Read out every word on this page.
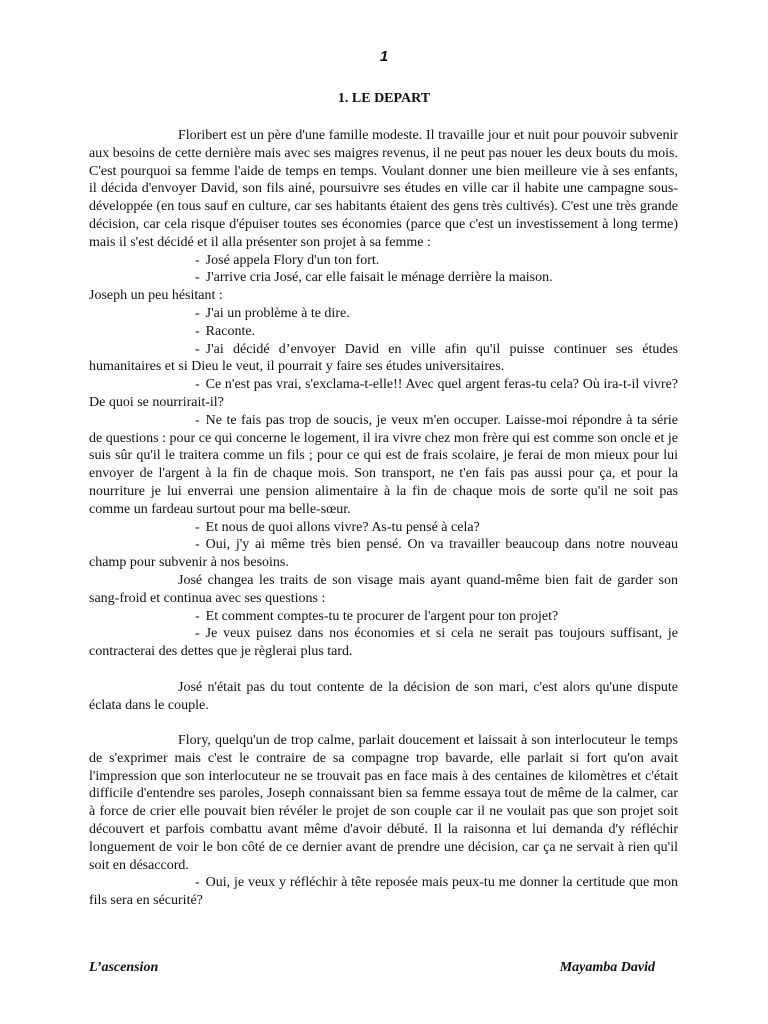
1
1. LE DEPART

Floribert est un père d'une famille modeste. Il travaille jour et nuit pour pouvoir subvenir aux besoins de cette dernière mais avec ses maigres revenus, il ne peut pas nouer les deux bouts du mois. C'est pourquoi sa femme l'aide de temps en temps. Voulant donner une bien meilleure vie à ses enfants, il décida d'envoyer David, son fils ainé, poursuivre ses études en ville car il habite une campagne sous-développée (en tous sauf en culture, car ses habitants étaient des gens très cultivés). C'est une très grande décision, car cela risque d'épuiser toutes ses économies (parce que c'est un investissement à long terme) mais il s'est décidé et il alla présenter son projet à sa femme :

- José appela Flory d'un ton fort.

- J'arrive cria José, car elle faisait le ménage derrière la maison.

Joseph un peu hésitant :

- J'ai un problème à te dire.

- Raconte.

- J'ai décidé d’envoyer David en ville afin qu'il puisse continuer ses études humanitaires et si Dieu le veut, il pourrait y faire ses études universitaires.

- Ce n'est pas vrai, s'exclama-t-elle!! Avec quel argent feras-tu cela? Où ira-t-il vivre? De quoi se nourrirait-il?

- Ne te fais pas trop de soucis, je veux m'en occuper. Laisse-moi répondre à ta série de questions : pour ce qui concerne le logement, il ira vivre chez mon frère qui est comme son oncle et je suis sûr qu'il le traitera comme un fils ; pour ce qui est de frais scolaire, je ferai de mon mieux pour lui envoyer de l'argent à la fin de chaque mois. Son transport, ne t'en fais pas aussi pour ça, et pour la nourriture je lui enverrai une pension alimentaire à la fin de chaque mois de sorte qu'il ne soit pas comme un fardeau surtout pour ma belle-sœur.

- Et nous de quoi allons vivre? As-tu pensé à cela?

- Oui, j'y ai même très bien pensé. On va travailler beaucoup dans notre nouveau champ pour subvenir à nos besoins.

José changea les traits de son visage mais ayant quand-même bien fait de garder son sang-froid et continua avec ses questions :

- Et comment comptes-tu te procurer de l'argent pour ton projet?

- Je veux puisez dans nos économies et si cela ne serait pas toujours suffisant, je contracterai des dettes que je règlerai plus tard.

José n'était pas du tout contente de la décision de son mari, c'est alors qu'une dispute éclata dans le couple.

Flory, quelqu'un de trop calme, parlait doucement et laissait à son interlocuteur le temps de s'exprimer mais c'est le contraire de sa compagne trop bavarde, elle parlait si fort qu'on avait l'impression que son interlocuteur ne se trouvait pas en face mais à des centaines de kilomètres et c'était difficile d'entendre ses paroles, Joseph connaissant bien sa femme essaya tout de même de la calmer, car à force de crier elle pouvait bien révéler le projet de son couple car il ne voulait pas que son projet soit découvert et parfois combattu avant même d'avoir débuté. Il la raisonna et lui demanda d'y réfléchir longuement de voir le bon côté de ce dernier avant de prendre une décision, car ça ne servait à rien qu'il soit en désaccord.

- Oui, je veux y réfléchir à tête reposée mais peux-tu me donner la certitude que mon fils sera en sécurité?

L’ascension	Mayamba David
